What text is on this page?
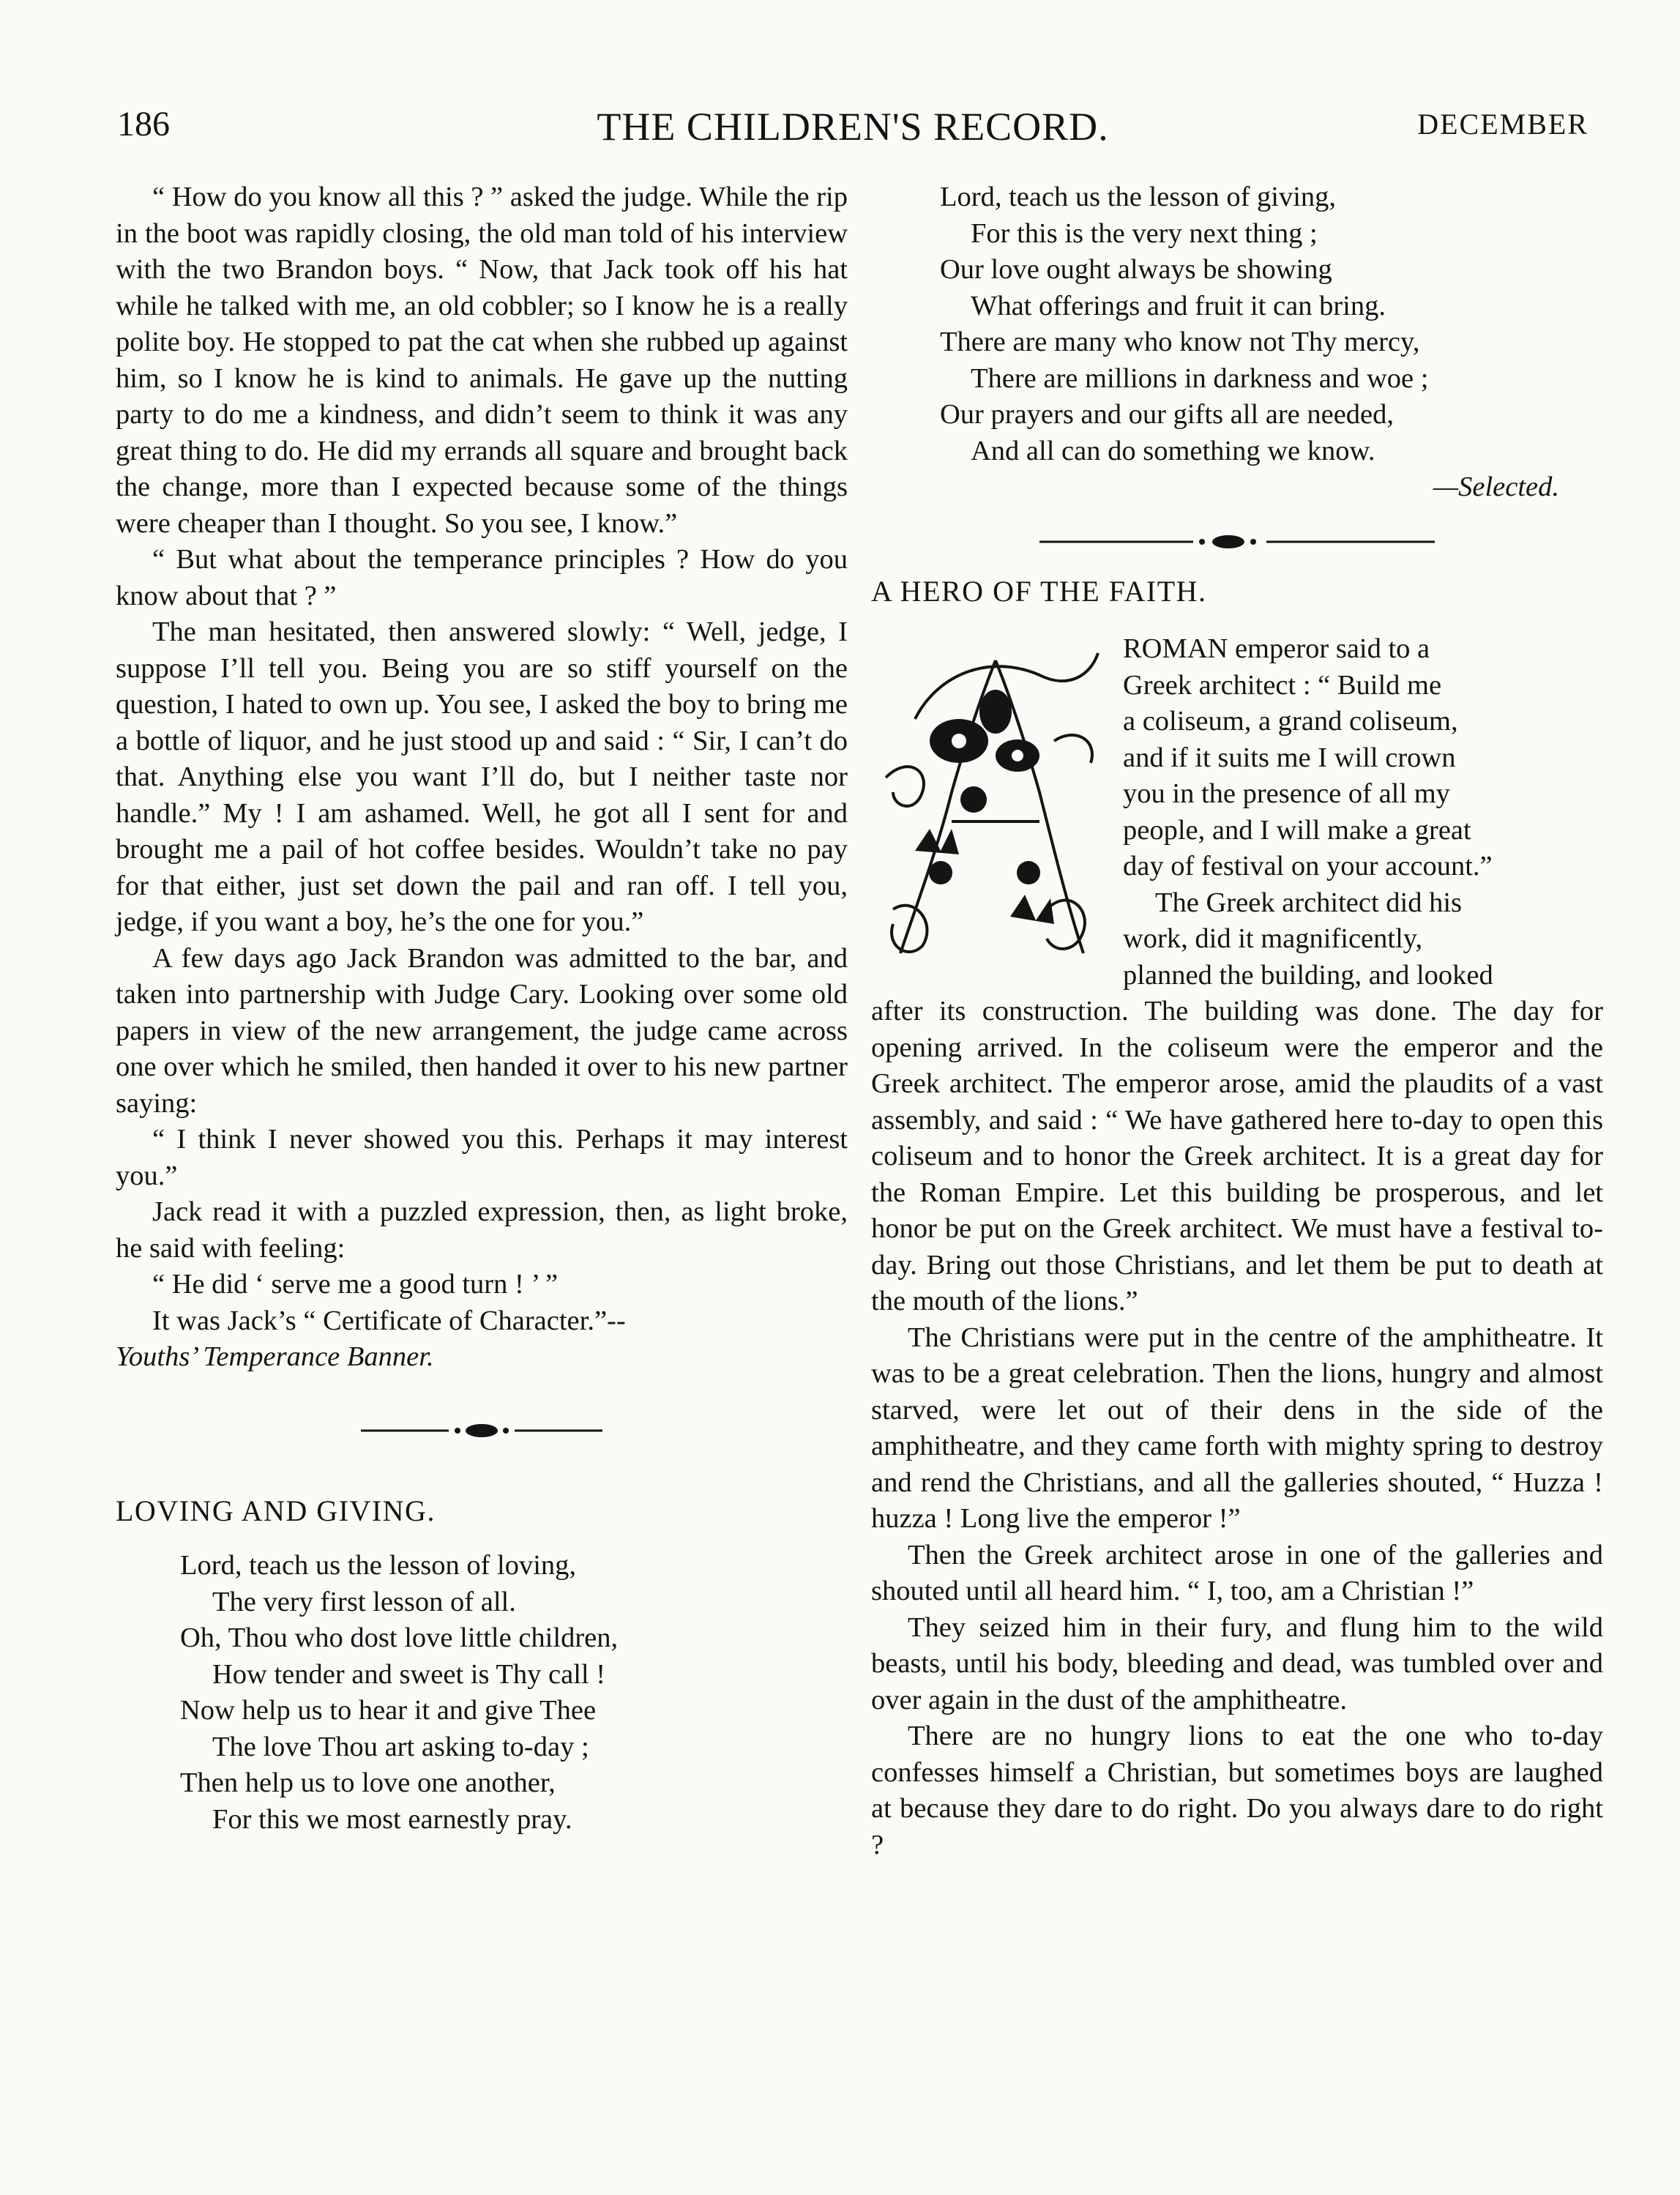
186	THE CHILDREN'S RECORD.	DECEMBER

“ How do you know all this ? ” asked the judge. While the rip in the boot was rapidly closing, the old man told of his interview with the two Brandon boys. “ Now, that Jack took off his hat while he talked with me, an old cobbler; so I know he is a really polite boy. He stopped to pat the cat when she rubbed up against him, so I know he is kind to animals. He gave up the nutting party to do me a kindness, and didn’t seem to think it was any great thing to do. He did my errands all square and brought back the change, more than I expected because some of the things were cheaper than I thought. So you see, I know.”

“ But what about the temperance principles ? How do you know about that ? ”

The man hesitated, then answered slowly: “ Well, jedge, I suppose I’ll tell you. Being you are so stiff yourself on the question, I hated to own up. You see, I asked the boy to bring me a bottle of liquor, and he just stood up and said : “ Sir, I can’t do that. Anything else you want I’ll do, but I neither taste nor handle.” My ! I am ashamed. Well, he got all I sent for and brought me a pail of hot coffee besides. Wouldn’t take no pay for that either, just set down the pail and ran off. I tell you, jedge, if you want a boy, he’s the one for you.”

A few days ago Jack Brandon was admitted to the bar, and taken into partnership with Judge Cary. Looking over some old papers in view of the new arrangement, the judge came across one over which he smiled, then handed it over to his new partner saying:

“ I think I never showed you this. Perhaps it may interest you.”

Jack read it with a puzzled expression, then, as light broke, he said with feeling:

“ He did ‘ serve me a good turn ! ’ ”

It was Jack’s “ Certificate of Character.”--

Youths’ Temperance Banner.

LOVING AND GIVING.

Lord, teach us the lesson of loving,

The very first lesson of all.

Oh, Thou who dost love little children,

How tender and sweet is Thy call !

Now help us to hear it and give Thee

The love Thou art asking to-day ;

Then help us to love one another,

For this we most earnestly pray.

Lord, teach us the lesson of giving,

For this is the very next thing ;

Our love ought always be showing

What offerings and fruit it can bring.

There are many who know not Thy mercy,

There are millions in darkness and woe ;

Our prayers and our gifts all are needed,

And all can do something we know.

—Selected.

A HERO OF THE FAITH.

ROMAN emperor said to a

Greek architect : “ Build me

a coliseum, a grand coliseum,

and if it suits me I will crown

you in the presence of all my

people, and I will make a great

day of festival on your account.”

The Greek architect did his

work, did it magnificently,

planned the building, and looked

after its construction. The building was done. The day for opening arrived. In the coliseum were the emperor and the Greek architect. The emperor arose, amid the plaudits of a vast assembly, and said : “ We have gathered here to-day to open this coliseum and to honor the Greek architect. It is a great day for the Roman Empire. Let this building be prosperous, and let honor be put on the Greek architect. We must have a festival to-day. Bring out those Christians, and let them be put to death at the mouth of the lions.”

The Christians were put in the centre of the amphitheatre. It was to be a great celebration. Then the lions, hungry and almost starved, were let out of their dens in the side of the amphitheatre, and they came forth with mighty spring to destroy and rend the Christians, and all the galleries shouted, “ Huzza ! huzza ! Long live the emperor !”

Then the Greek architect arose in one of the galleries and shouted until all heard him. “ I, too, am a Christian !”

They seized him in their fury, and flung him to the wild beasts, until his body, bleeding and dead, was tumbled over and over again in the dust of the amphitheatre.

There are no hungry lions to eat the one who to-day confesses himself a Christian, but sometimes boys are laughed at because they dare to do right. Do you always dare to do right ?
